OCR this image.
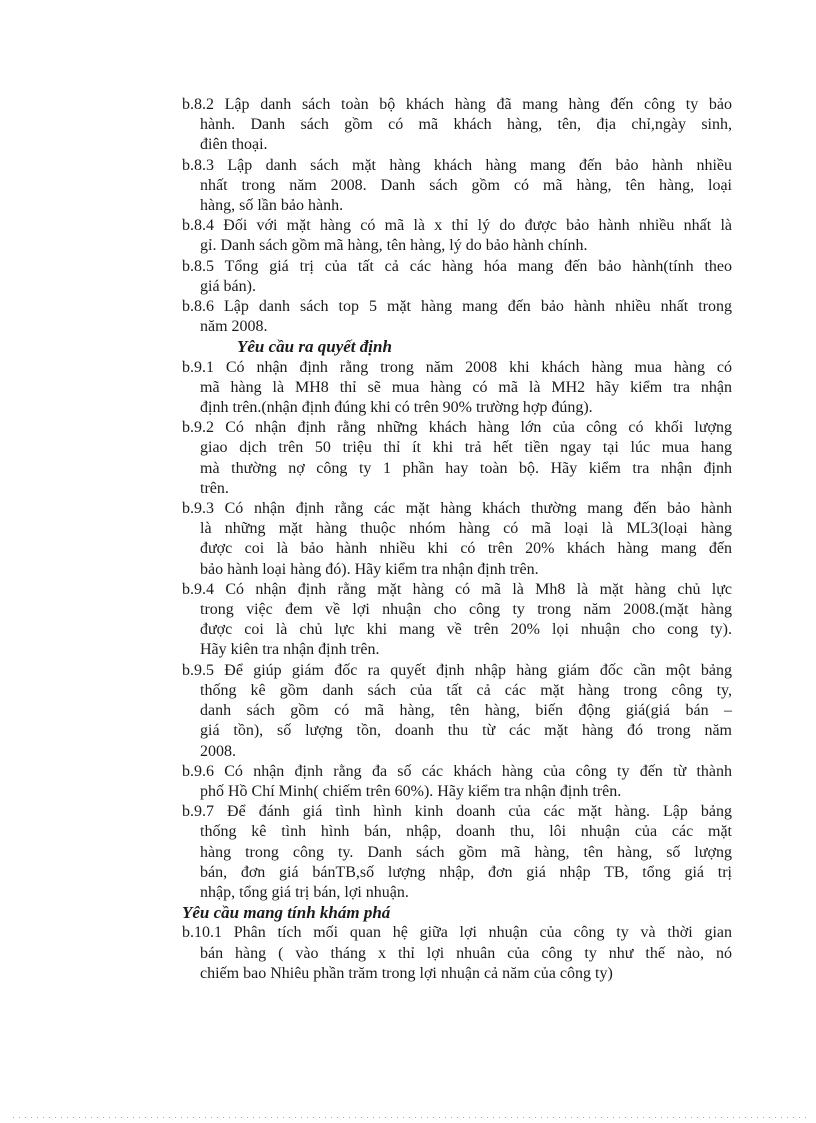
b.8.2 Lập danh sách toàn bộ khách hàng đã mang hàng đến công ty bảo
hành. Danh sách gồm có mã khách hàng, tên, địa chỉ,ngày sinh,
điên thoại.
b.8.3 Lập danh sách mặt hàng khách hàng mang đến bảo hành nhiều
nhất trong năm 2008. Danh sách gồm có mã hàng, tên hàng, loại
hàng, số lần bảo hành.
b.8.4 Đối với mặt hàng có mã là x thỉ lý do được bảo hành nhiều nhất là
gỉ. Danh sách gồm mã hàng, tên hàng, lý do bảo hành chính.
b.8.5 Tổng giá trị của tất cả các hàng hóa mang đến bảo hành(tính theo
giá bán).
b.8.6 Lập danh sách top 5 mặt hàng mang đến bảo hành nhiều nhất trong
năm 2008.
Yêu cầu ra quyết định
b.9.1 Có nhận định rằng trong năm 2008 khi khách hàng mua hàng có
mã hàng là MH8 thỉ sẽ mua hàng có mã là MH2 hãy kiểm tra nhận
định trên.(nhận định đúng khi có trên 90% trường hợp đúng).
b.9.2 Có nhận định rằng những khách hàng lớn của công có khối lượng
giao dịch trên 50 triệu thỉ ít khi trả hết tiền ngay tại lúc mua hang
mà thường nợ công ty 1 phần hay toàn bộ. Hãy kiểm tra nhận định
trên.
b.9.3 Có nhận định rằng các mặt hàng khách thường mang đến bảo hành
là những mặt hàng thuộc nhóm hàng có mã loại là ML3(loại hàng
được coi là bảo hành nhiều khi có trên 20% khách hàng mang đến
bảo hành loại hàng đó). Hãy kiểm tra nhận định trên.
b.9.4 Có nhận định rằng mặt hàng có mã là Mh8 là mặt hàng chủ lực
trong việc đem về lợi nhuận cho công ty trong năm 2008.(mặt hàng
được coi là chủ lực khi mang về trên 20% lọi nhuận cho cong ty).
Hãy kiên tra nhận định trên.
b.9.5 Để giúp giám đốc ra quyết định nhập hàng giám đốc cần một bảng
thống kê gồm danh sách của tất cả các mặt hàng trong công ty,
danh sách gồm có mã hàng, tên hàng, biến động giá(giá bán –
giá tồn), số lượng tồn, doanh thu từ các mặt hàng đó trong năm
2008.
b.9.6 Có nhận định rằng đa số các khách hàng của công ty đến từ thành
phố Hồ Chí Minh( chiếm trên 60%). Hãy kiểm tra nhận định trên.
b.9.7 Để đánh giá tình hình kinh doanh của các mặt hàng. Lập bảng
thống kê tình hình bán, nhập, doanh thu, lôi nhuận của các mặt
hàng trong công ty. Danh sách gồm mã hàng, tên hàng, số lượng
bán, đơn giá bánTB,số lượng nhập, đơn giá nhập TB, tổng giá trị
nhập, tổng giá trị bán, lợi nhuận.
Yêu cầu mang tính khám phá
b.10.1 Phân tích mối quan hệ giữa lợi nhuận của công ty và thời gian
bán hàng ( vào tháng x thỉ lợi nhuân của công ty như thế nào, nó
chiếm bao Nhiêu phần trăm trong lợi nhuận cả năm của công ty)
